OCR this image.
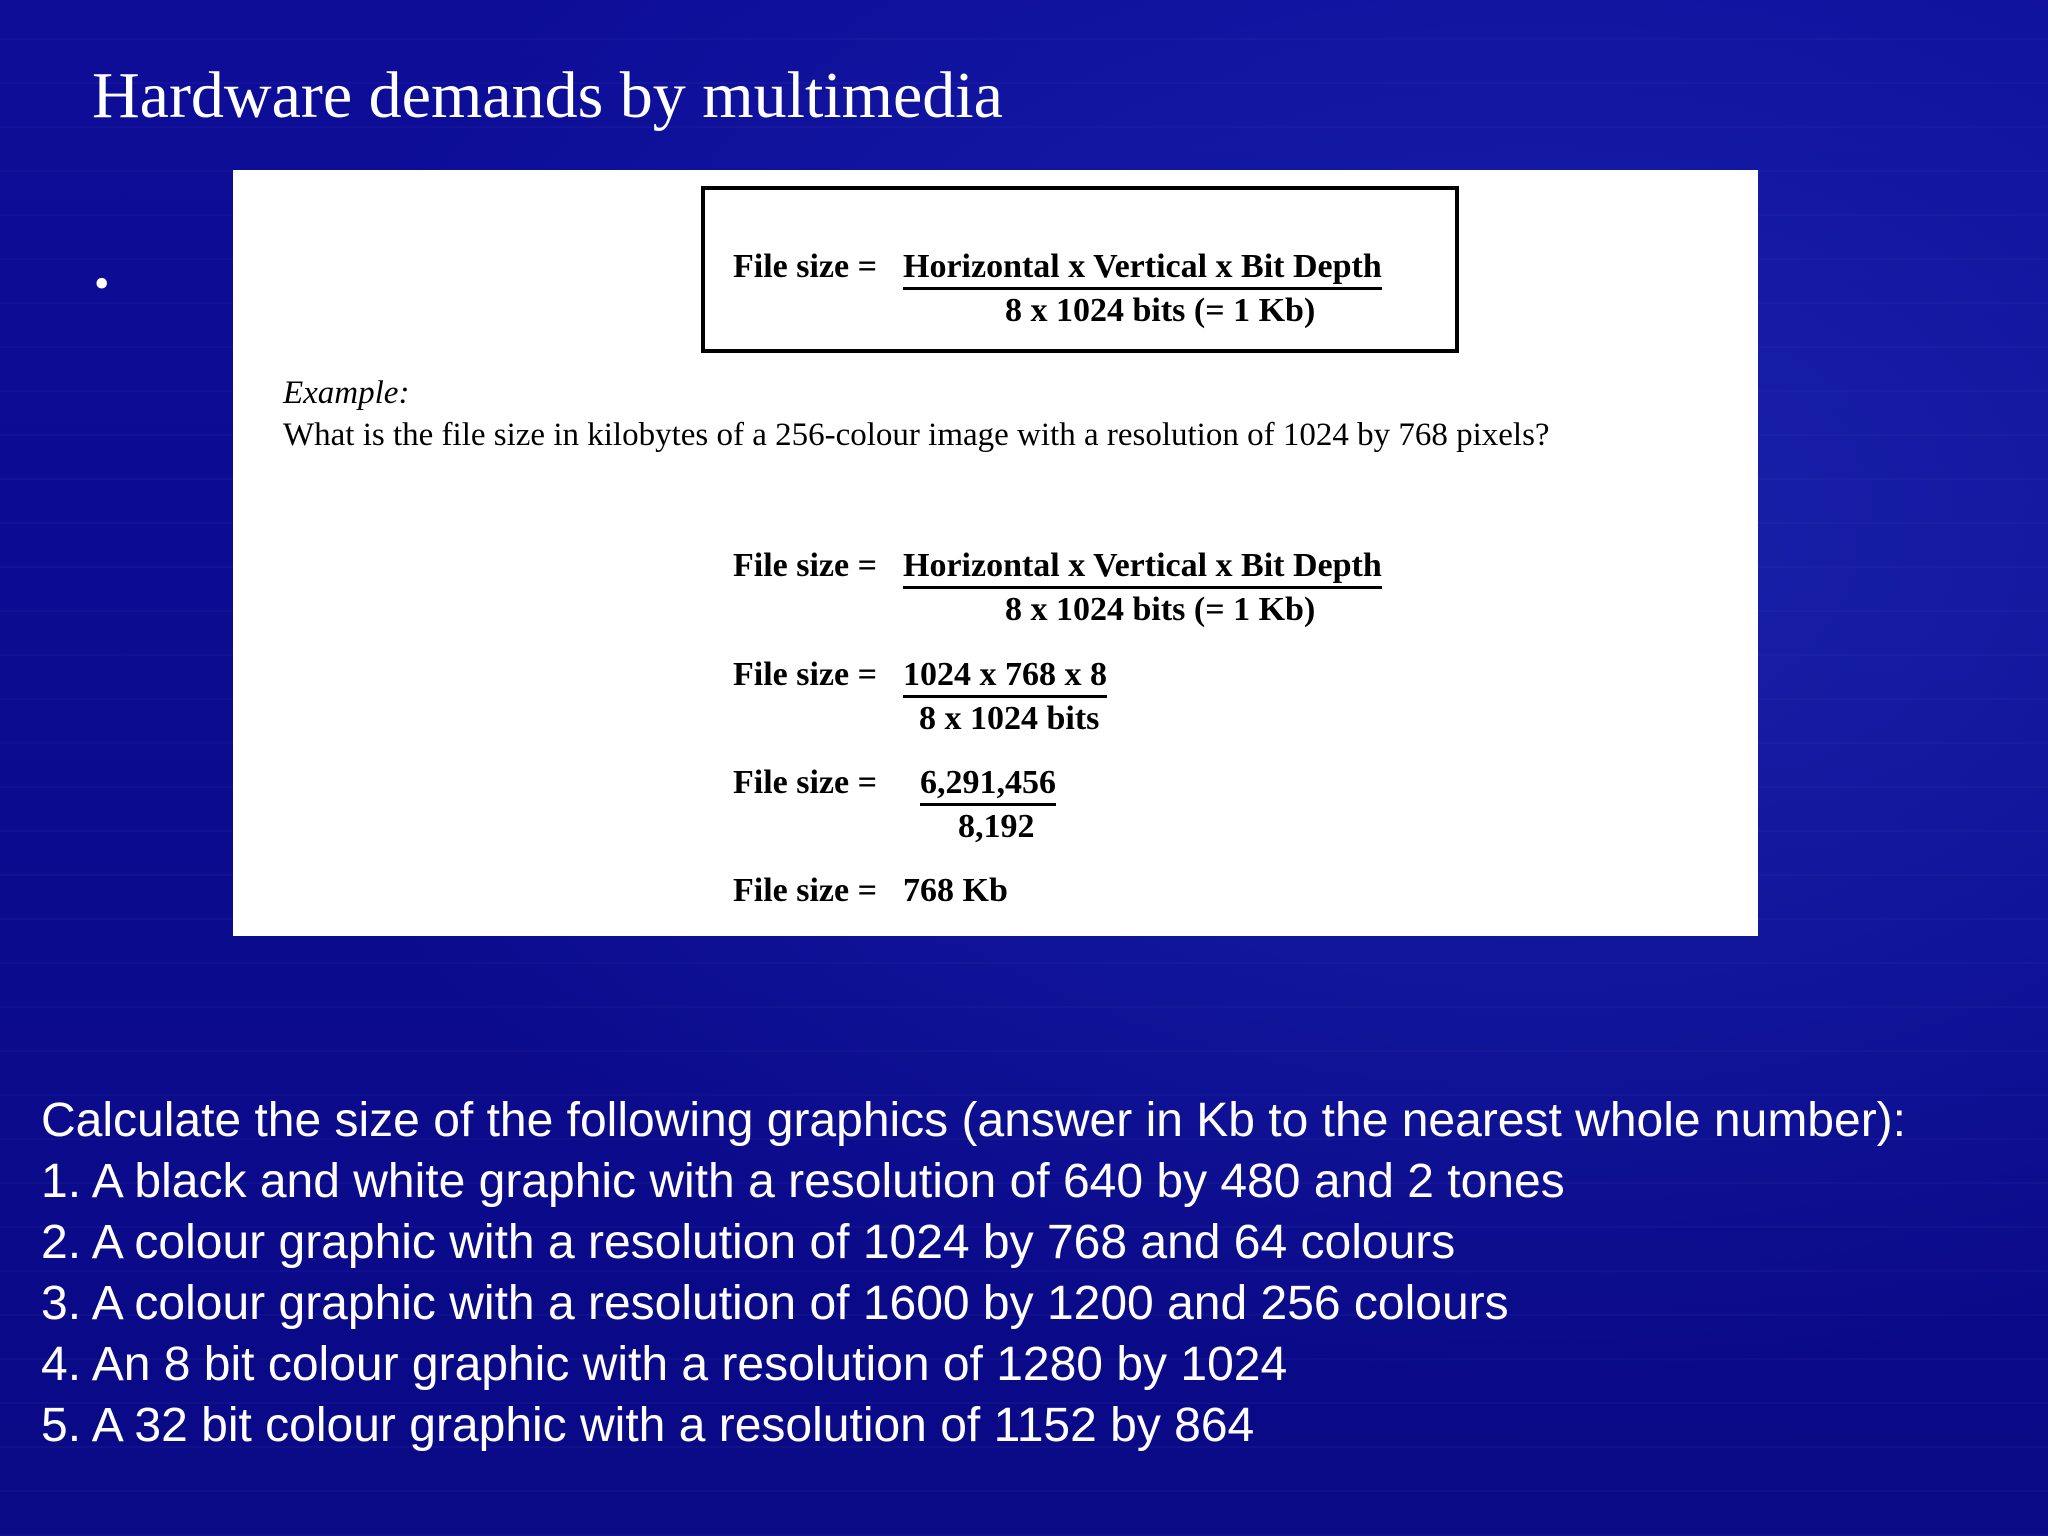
Hardware demands by multimedia
•	File size = Horizontal x Vertical x Bit Depth
8 x 1024 bits (= 1 Kb)
Example:
What is the file size in kilobytes of a 256-colour image with a resolution of 1024 by 768 pixels?
File size = Horizontal x Vertical x Bit Depth
8 x 1024 bits (= 1 Kb)
File size = 1024 x 768 x 8
8 x 1024 bits
File size = 6,291,456
8,192
File size = 768 Kb
Calculate the size of the following graphics (answer in Kb to the nearest whole number):
1. A black and white graphic with a resolution of 640 by 480 and 2 tones
2. A colour graphic with a resolution of 1024 by 768 and 64 colours
3. A colour graphic with a resolution of 1600 by 1200 and 256 colours
4. An 8 bit colour graphic with a resolution of 1280 by 1024
5. A 32 bit colour graphic with a resolution of 1152 by 864
